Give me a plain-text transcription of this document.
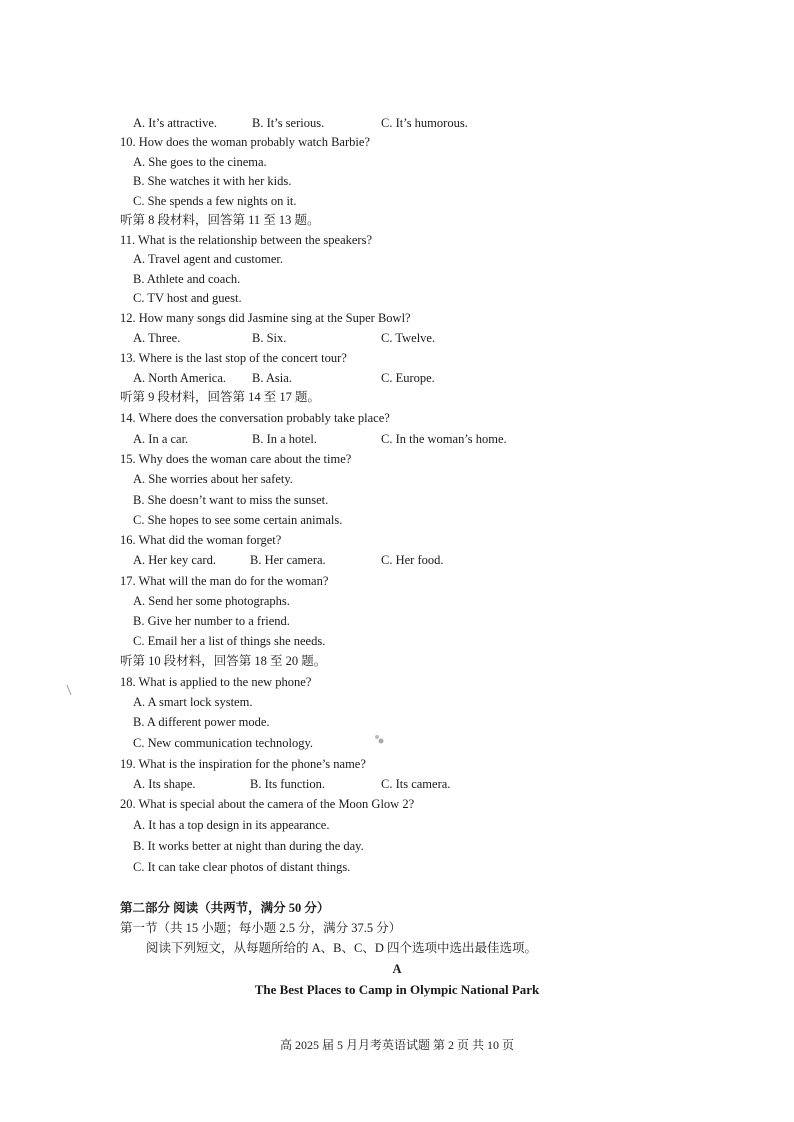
A. It’s attractive.	B. It’s serious.	C. It’s humorous.
10. How does the woman probably watch Barbie?
A. She goes to the cinema.
B. She watches it with her kids.
C. She spends a few nights on it.
听第 8 段材料，回答第 11 至 13 题。
11. What is the relationship between the speakers?
A. Travel agent and customer.
B. Athlete and coach.
C. TV host and guest.
12. How many songs did Jasmine sing at the Super Bowl?
A. Three.	B. Six.	C. Twelve.
13. Where is the last stop of the concert tour?
A. North America. B. Asia.	C. Europe.
听第 9 段材料，回答第 14 至 17 题。
14. Where does the conversation probably take place?
A. In a car.	B. In a hotel.	C. In the woman’s home.
15. Why does the woman care about the time?
A. She worries about her safety.
B. She doesn’t want to miss the sunset.
C. She hopes to see some certain animals.
16. What did the woman forget?
A. Her key card.	B. Her camera.	C. Her food.
17. What will the man do for the woman?
A. Send her some photographs.
B. Give her number to a friend.
C. Email her a list of things she needs.
听第 10 段材料，回答第 18 至 20 题。
18. What is applied to the new phone?
A. A smart lock system.
B. A different power mode.
C. New communication technology.
19. What is the inspiration for the phone’s name?
A. Its shape.	B. Its function.	C. Its camera.
20. What is special about the camera of the Moon Glow 2?
A. It has a top design in its appearance.
B. It works better at night than during the day.
C. It can take clear photos of distant things.
第二部分 阅读（共两节，满分 50 分）
第一节（共 15 小题；每小题 2.5 分，满分 37.5 分）
阅读下列短文，从每题所给的 A、B、C、D 四个选项中选出最佳选项。
A
The Best Places to Camp in Olympic National Park
高 2025 届 5 月月考英语试题 第 2 页 共 10 页
